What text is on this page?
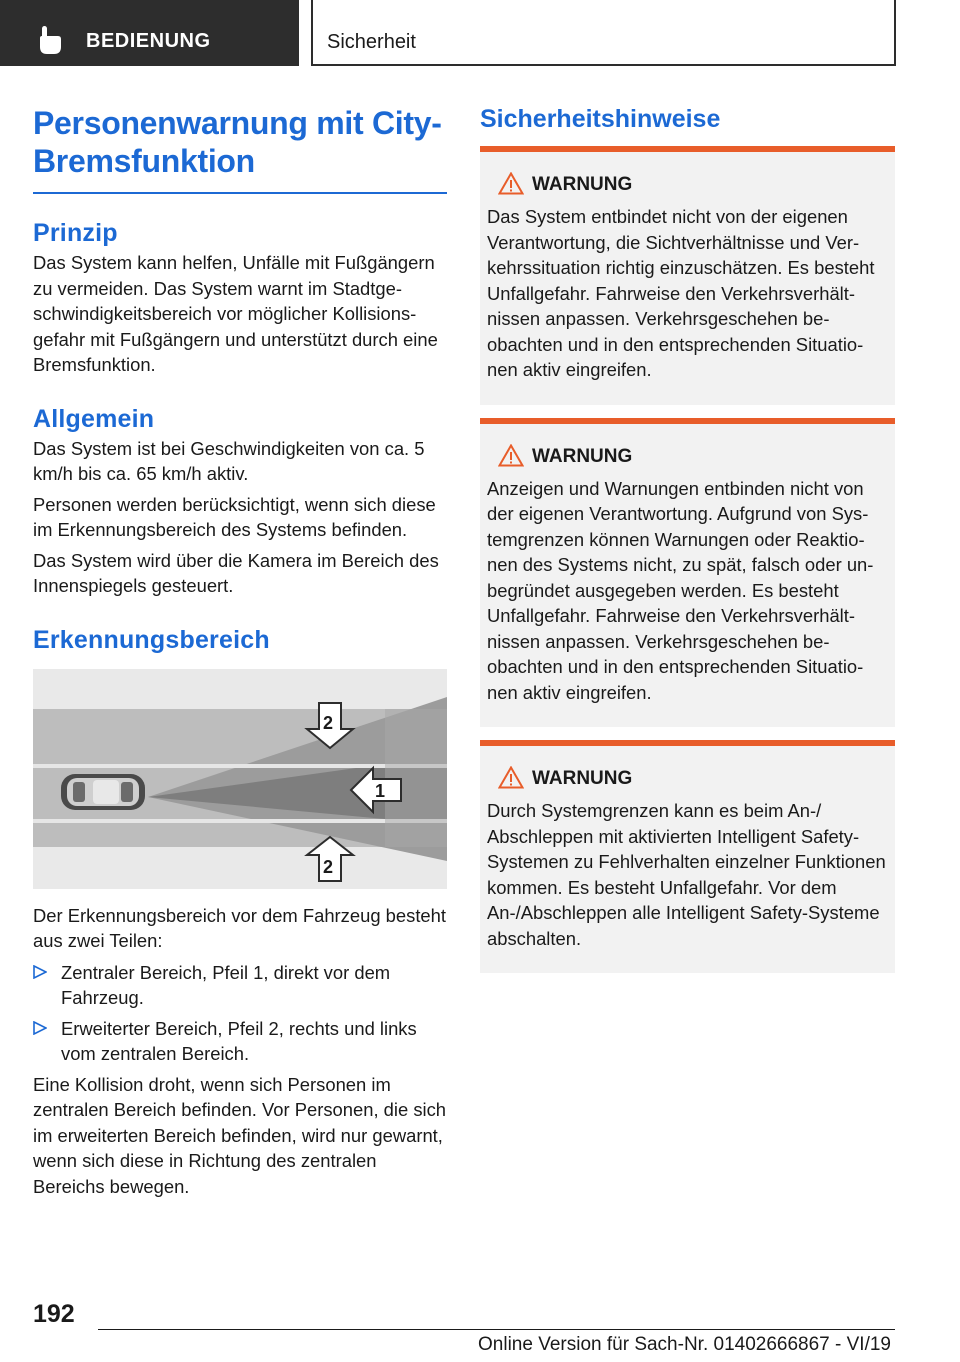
BEDIENUNG	Sicherheit
Personenwarnung mit City-
Bremsfunktion
Prinzip

Das System kann helfen, Unfälle mit Fußgängern zu vermeiden. Das System warnt im Stadtgeschwindigkeitsbereich vor möglicher Kollisionsgefahr mit Fußgängern und unterstützt durch eine Bremsfunktion.

Allgemein

Das System ist bei Geschwindigkeiten von ca. 5 km/h bis ca. 65 km/h aktiv.

Personen werden berücksichtigt, wenn sich diese im Erkennungsbereich des Systems befinden.

Das System wird über die Kamera im Bereich des Innenspiegels gesteuert.

Erkennungsbereich
1
2
2

Der Erkennungsbereich vor dem Fahrzeug besteht aus zwei Teilen:

Zentraler Bereich, Pfeil 1, direkt vor dem Fahrzeug.
Erweiterter Bereich, Pfeil 2, rechts und links vom zentralen Bereich.

Eine Kollision droht, wenn sich Personen im zentralen Bereich befinden. Vor Personen, die sich im erweiterten Bereich befinden, wird nur gewarnt, wenn sich diese in Richtung des zentralen Bereichs bewegen.

Sicherheitshinweise
WARNUNG

Das System entbindet nicht von der eigenen Verantwortung, die Sichtverhältnisse und Verkehrssituation richtig einzuschätzen. Es besteht Unfallgefahr. Fahrweise den Verkehrsverhältnissen anpassen. Verkehrsgeschehen beobachten und in den entsprechenden Situationen aktiv eingreifen.

WARNUNG

Anzeigen und Warnungen entbinden nicht von der eigenen Verantwortung. Aufgrund von Systemgrenzen können Warnungen oder Reaktionen des Systems nicht, zu spät, falsch oder unbegründet ausgegeben werden. Es besteht Unfallgefahr. Fahrweise den Verkehrsverhältnissen anpassen. Verkehrsgeschehen beobachten und in den entsprechenden Situationen aktiv eingreifen.

WARNUNG

Durch Systemgrenzen kann es beim An-/ Abschleppen mit aktivierten Intelligent Safety-Systemen zu Fehlverhalten einzelner Funktionen kommen. Es besteht Unfallgefahr. Vor dem An-/Abschleppen alle Intelligent Safety-Systeme abschalten.

192
Online Version für Sach-Nr. 01402666867 - VI/19
